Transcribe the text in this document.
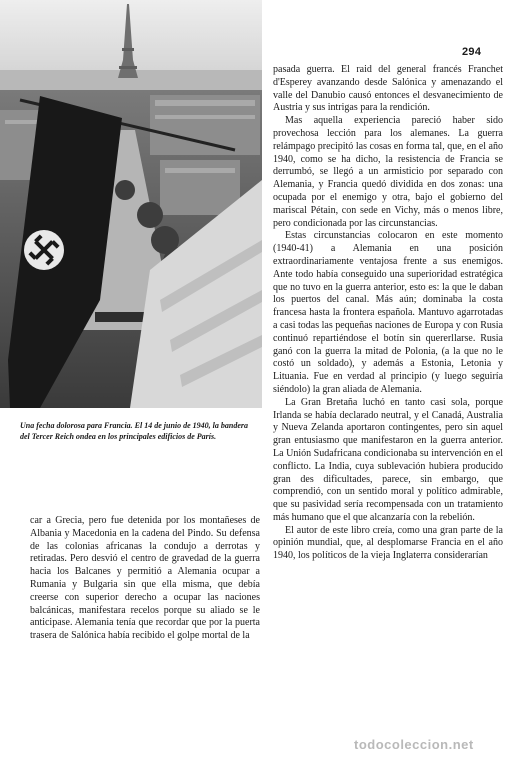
294
Una fecha dolorosa para Francia. El 14 de junio de 1940, la bandera del Tercer Reich ondea en los principales edificios de París.

pasada guerra. El raid del general francés Franchet d'Esperey avanzando desde Salónica y amenazando el valle del Danubio causó entonces el desvanecimiento de Austria y sus intrigas para la rendición.

Mas aquella experiencia pareció haber sido provechosa lección para los alemanes. La guerra relámpago precipitó las cosas en forma tal, que, en el año 1940, como se ha dicho, la resistencia de Francia se derrumbó, se llegó a un armisticio por separado con Alemania, y Francia quedó dividida en dos zonas: una ocupada por el enemigo y otra, bajo el gobierno del mariscal Pétain, con sede en Vichy, más o menos libre, pero condicionada por las circunstancias.

Estas circunstancias colocaron en este momento (1940-41) a Alemania en una posición extraordinariamente ventajosa frente a sus enemigos. Ante todo había conseguido una superioridad estratégica que no tuvo en la guerra anterior, esto es: la que le daban los puertos del canal. Más aún; dominaba la costa francesa hasta la frontera española. Mantuvo agarrotadas a casi todas las pequeñas naciones de Europa y con Rusia continuó repartiéndose el botín sin quererllarse. Rusia ganó con la guerra la mitad de Polonia, (a la que no le costó un soldado), y además a Estonia, Letonia y Lituania. Fue en verdad al principio (y luego seguiría siéndolo) la gran aliada de Alemania.

La Gran Bretaña luchó en tanto casi sola, porque Irlanda se había declarado neutral, y el Canadá, Australia y Nueva Zelanda aportaron contingentes, pero sin aquel gran entusiasmo que manifestaron en la guerra anterior. La Unión Sudafricana condicionaba su intervención en el conflicto. La India, cuya sublevación hubiera producido gran des dificultades, parece, sin embargo, que comprendió, con un sentido moral y político admirable, que su pasividad sería recompensada con un tratamiento más humano que el que alcanzaría con la rebelión.

El autor de este libro creía, como una gran parte de la opinión mundial, que, al desplomarse Francia en el año 1940, los políticos de la vieja Inglaterra considerarían

car a Grecia, pero fue detenida por los montañeses de Albania y Macedonia en la cadena del Pindo. Su defensa de las colonias africanas la condujo a derrotas y retiradas. Pero desvió el centro de gravedad de la guerra hacia los Balcanes y permitió a Alemania ocupar a Rumania y Bulgaria sin que ella misma, que debía creerse con superior derecho a ocupar las naciones balcánicas, manifestara recelos porque su aliado se le anticipase. Alemania tenía que recordar que por la puerta trasera de Salónica había recibido el golpe mortal de la

todocoleccion.net
